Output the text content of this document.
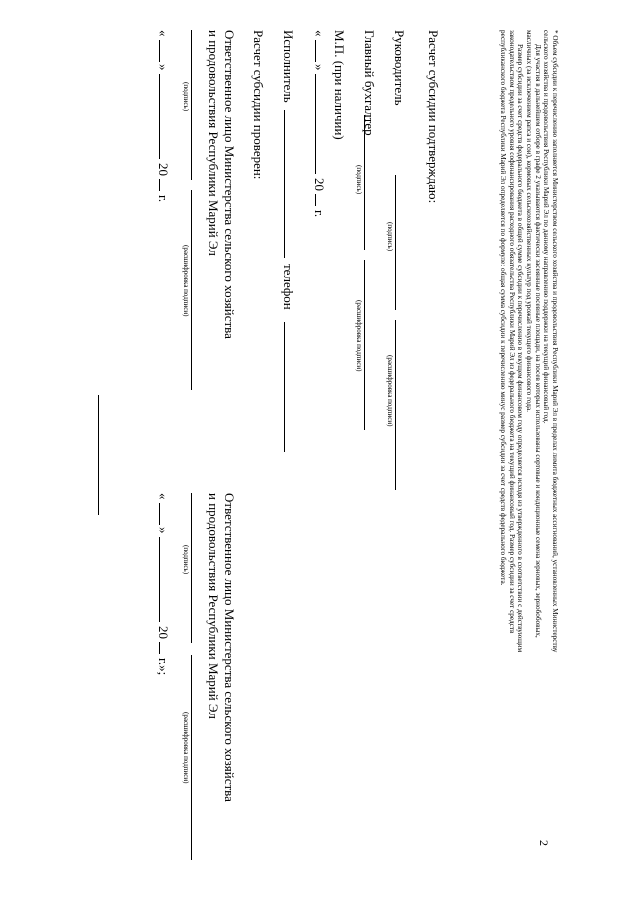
2

* Объем субсидии к перечислению заполняется Министерством сельского хозяйства и продовольствия Республики Марий Эл в пределах лимита бюджетных ассигнований, установленных Министерству

сельского хозяйства и продовольствия Республики Марий Эл по данному направлению поддержки на текущий финансовый год.

Для участия в дальнейшем отборе в графе 2 указываются фактически засеянные посевные площади, на посев которых использованы сортовые и кондиционные семена зерновых, зернобобовых,

масличных (за исключением рапса и сои), кормовых сельскохозяйственных культур под урожай текущего финансового года.

Размер субсидии за счет средств федерального бюджета в общей сумме субсидии к перечислению в текущем финансовом году определяется исходя из утвержденного в соответствии с действующим

законодательством предельного уровня софинансирования расходного обязательства Республики Марий Эл из федерального бюджета на текущий финансовый год. Размер субсидии за счет средств

республиканского бюджета Республики Марий Эл определяется по формуле: общая сумма субсидии к перечислению минус размер субсидии за счет средств федерального бюджета.

Расчет субсидии подтверждаю:
Руководитель
(подпись)
(расшифровка подписи)
Главный бухгалтер
(подпись)
(расшифровка подписи)
М.П. (при наличии)
«
»
20
г.
Исполнитель
телефон
Расчет субсидии проверен:
Ответственное лицо Министерства сельского хозяйства
и продовольствия Республики Марий Эл
(подпись)
(расшифровка подписи)
«
»
20
г.
Ответственное лицо Министерства сельского хозяйства
и продовольствия Республики Марий Эл
(подпись)
(расшифровка подписи)
«
»
20
г.»;
